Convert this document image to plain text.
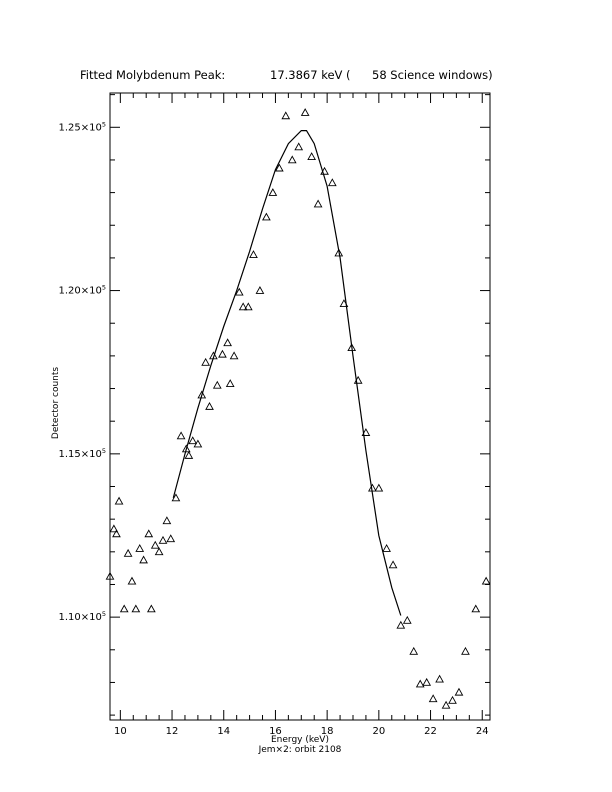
Fitted Molybdenum Peak:	17.3867 keV ( 58 Science windows)
10	12	14	16	18	20	22	24
$1.10\times 10^5$
$1.15\times 10^5$
$1.20\times 10^5$
$1.25\times 10^5$
Energy (keV)
Jem×2: orbit 2108
Detector counts
